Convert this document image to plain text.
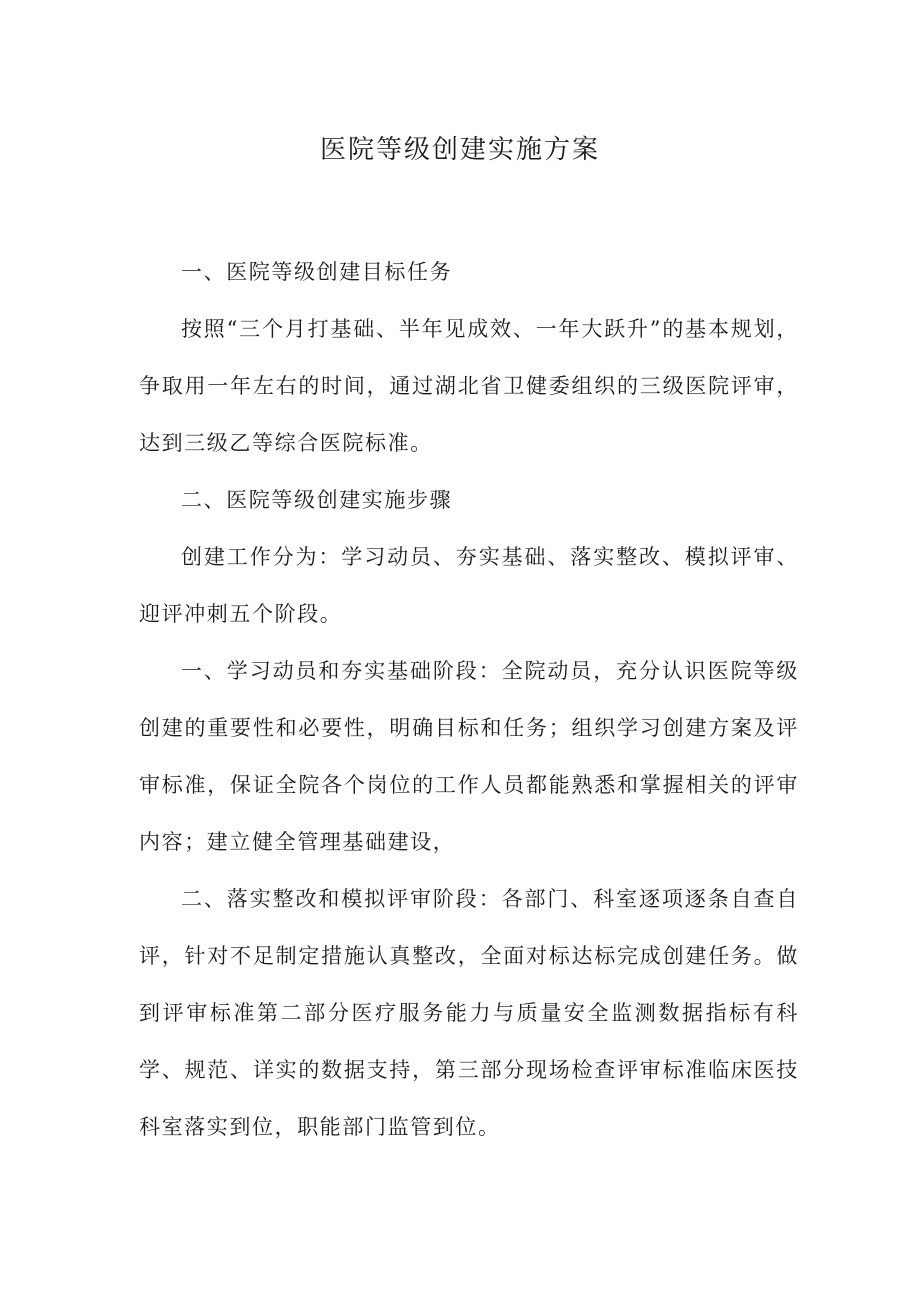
医院等级创建实施方案

一、医院等级创建目标任务

按照“三个月打基础、半年见成效、一年大跃升”的基本规划，争取用一年左右的时间，通过湖北省卫健委组织的三级医院评审，达到三级乙等综合医院标准。

二、医院等级创建实施步骤

创建工作分为：学习动员、夯实基础、落实整改、模拟评审、迎评冲刺五个阶段。

一、学习动员和夯实基础阶段：全院动员，充分认识医院等级创建的重要性和必要性，明确目标和任务；组织学习创建方案及评审标准，保证全院各个岗位的工作人员都能熟悉和掌握相关的评审内容；建立健全管理基础建设，

二、落实整改和模拟评审阶段：各部门、科室逐项逐条自查自评，针对不足制定措施认真整改，全面对标达标完成创建任务。做到评审标准第二部分医疗服务能力与质量安全监测数据指标有科学、规范、详实的数据支持，第三部分现场检查评审标准临床医技科室落实到位，职能部门监管到位。
